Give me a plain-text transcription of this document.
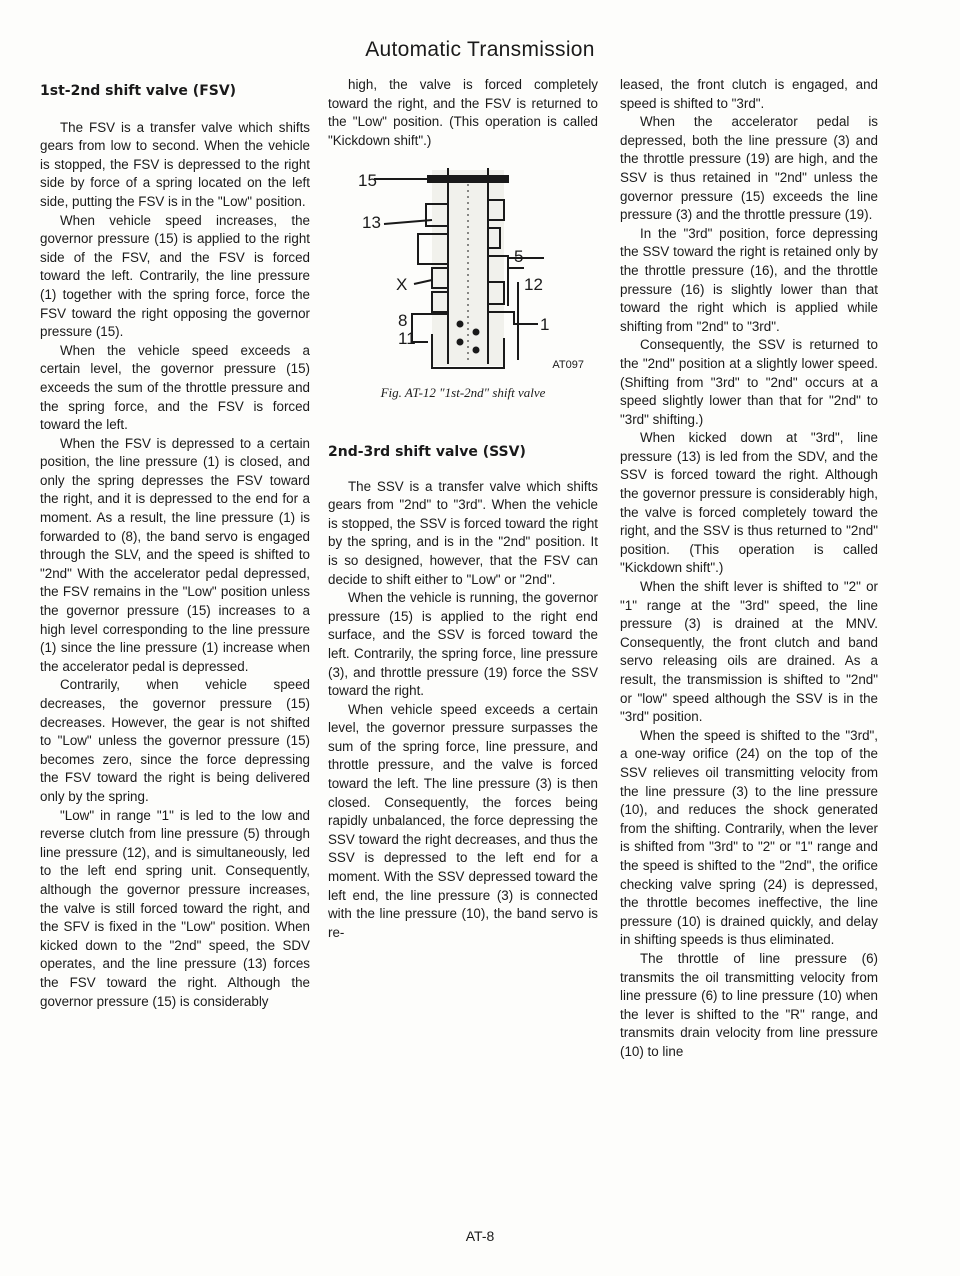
Automatic Transmission
1st-2nd shift valve (FSV)

The FSV is a transfer valve which shifts gears from low to second. When the vehicle is stopped, the FSV is depressed to the right side by force of a spring located on the left side, putting the FSV is in the "Low" position.

When vehicle speed increases, the governor pressure (15) is applied to the right side of the FSV, and the FSV is forced toward the left. Contrarily, the line pressure (1) together with the spring force, force the FSV toward the right opposing the governor pressure (15).

When the vehicle speed exceeds a certain level, the governor pressure (15) exceeds the sum of the throttle pressure and the spring force, and the FSV is forced toward the left.

When the FSV is depressed to a certain position, the line pressure (1) is closed, and only the spring depresses the FSV toward the right, and it is depressed to the end for a moment. As a result, the line pressure (1) is forwarded to (8), the band servo is engaged through the SLV, and the speed is shifted to "2nd" With the accelerator pedal depressed, the FSV remains in the "Low" position unless the governor pressure (15) increases to a high level corresponding to the line pressure (1) since the line pressure (1) increase when the accelerator pedal is depressed.

Contrarily, when vehicle speed decreases, the governor pressure (15) decreases. However, the gear is not shifted to "Low" unless the governor pressure (15) becomes zero, since the force depressing the FSV toward the right is being delivered only by the spring.

"Low" in range "1" is led to the low and reverse clutch from line pressure (5) through line pressure (12), and is simultaneously, led to the left end spring unit. Consequently, although the governor pressure increases, the valve is still forced toward the right, and the SFV is fixed in the "Low" position. When kicked down to the "2nd" speed, the SDV operates, and the line pressure (13) forces the FSV toward the right. Although the governor pressure (15) is considerably

high, the valve is forced completely toward the right, and the FSV is returned to the "Low" position. (This operation is called "Kickdown shift".)

15
13
5
12
X
8
11
1
AT097
Fig. AT-12 "1st-2nd" shift valve
2nd-3rd shift valve (SSV)

The SSV is a transfer valve which shifts gears from "2nd" to "3rd". When the vehicle is stopped, the SSV is forced toward the right by the spring, and is in the "2nd" position. It is so designed, however, that the FSV can decide to shift either to "Low" or "2nd".

When the vehicle is running, the governor pressure (15) is applied to the right end surface, and the SSV is forced toward the left. Contrarily, the spring force, line pressure (3), and throttle pressure (19) force the SSV toward the right.

When vehicle speed exceeds a certain level, the governor pressure surpasses the sum of the spring force, line pressure, and throttle pressure, and the valve is forced toward the left. The line pressure (3) is then closed. Consequently, the forces being rapidly unbalanced, the force depressing the SSV toward the right decreases, and thus the SSV is depressed to the left end for a moment. With the SSV depressed toward the left end, the line pressure (3) is connected with the line pressure (10), the band servo is re-

leased, the front clutch is engaged, and speed is shifted to "3rd".

When the accelerator pedal is depressed, both the line pressure (3) and the throttle pressure (19) are high, and the SSV is thus retained in "2nd" unless the governor pressure (15) exceeds the line pressure (3) and the throttle pressure (19).

In the "3rd" position, force depressing the SSV toward the right is retained only by the throttle pressure (16), and the throttle pressure (16) is slightly lower than that toward the right which is applied while shifting from "2nd" to "3rd".

Consequently, the SSV is returned to the "2nd" position at a slightly lower speed. (Shifting from "3rd" to "2nd" occurs at a speed slightly lower than that for "2nd" to "3rd" shifting.)

When kicked down at "3rd", line pressure (13) is led from the SDV, and the SSV is forced toward the right. Although the governor pressure is considerably high, the valve is forced completely toward the right, and the SSV is thus returned to "2nd" position. (This operation is called "Kickdown shift".)

When the shift lever is shifted to "2" or "1" range at the "3rd" speed, the line pressure (3) is drained at the MNV. Consequently, the front clutch and band servo releasing oils are drained. As a result, the transmission is shifted to "2nd" or "low" speed although the SSV is in the "3rd" position.

When the speed is shifted to the "3rd", a one-way orifice (24) on the top of the SSV relieves oil transmitting velocity from the line pressure (3) to the line pressure (10), and reduces the shock generated from the shifting. Contrarily, when the lever is shifted from "3rd" to "2" or "1" range and the speed is shifted to the "2nd", the orifice checking valve spring (24) is depressed, the throttle becomes ineffective, the line pressure (10) is drained quickly, and delay in shifting speeds is thus eliminated.

The throttle of line pressure (6) transmits the oil transmitting velocity from line pressure (6) to line pressure (10) when the lever is shifted to the "R" range, and transmits drain velocity from line pressure (10) to line

AT-8
